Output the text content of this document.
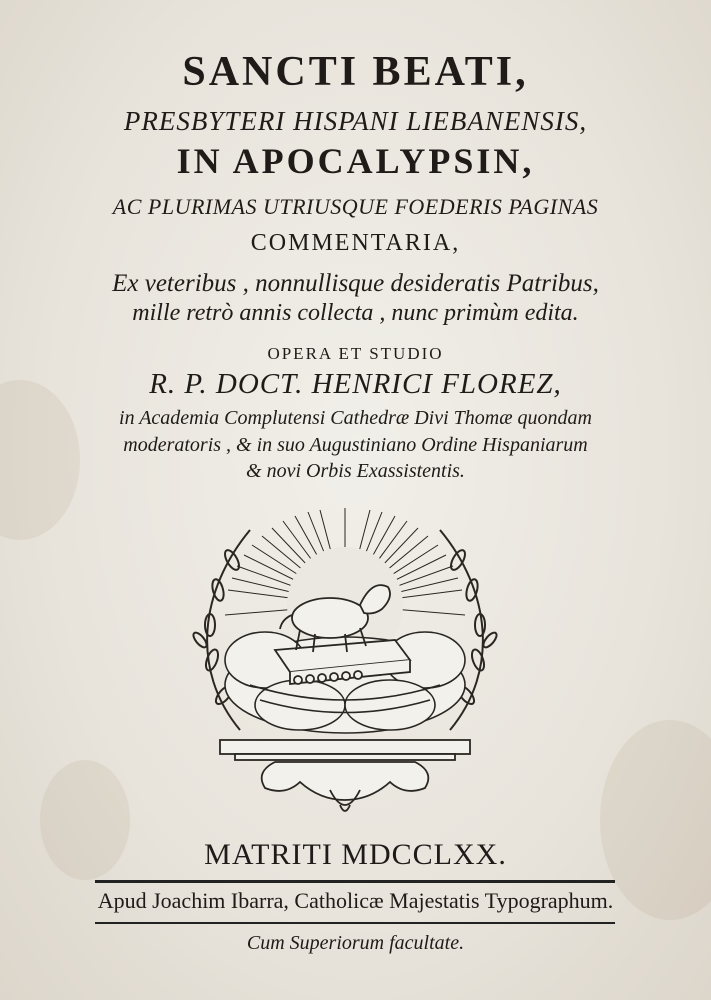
SANCTI BEATI,
PRESBYTERI HISPANI LIEBANENSIS,
IN APOCALYPSIN,
AC PLURIMAS UTRIUSQUE FOEDERIS PAGINAS
COMMENTARIA,
Ex veteribus , nonnullisque desideratis Patribus,
mille retrò annis collecta , nunc primùm edita.
OPERA ET STUDIO
R. P. DOCT. HENRICI FLOREZ,
in Academia Complutensi Cathedræ Divi Thomæ quondam
moderatoris , & in suo Augustiniano Ordine Hispaniarum
& novi Orbis Exassistentis.
MATRITI MDCCLXX.
Apud Joachim Ibarra, Catholicæ Majestatis Typographum.
Cum Superiorum facultate.
